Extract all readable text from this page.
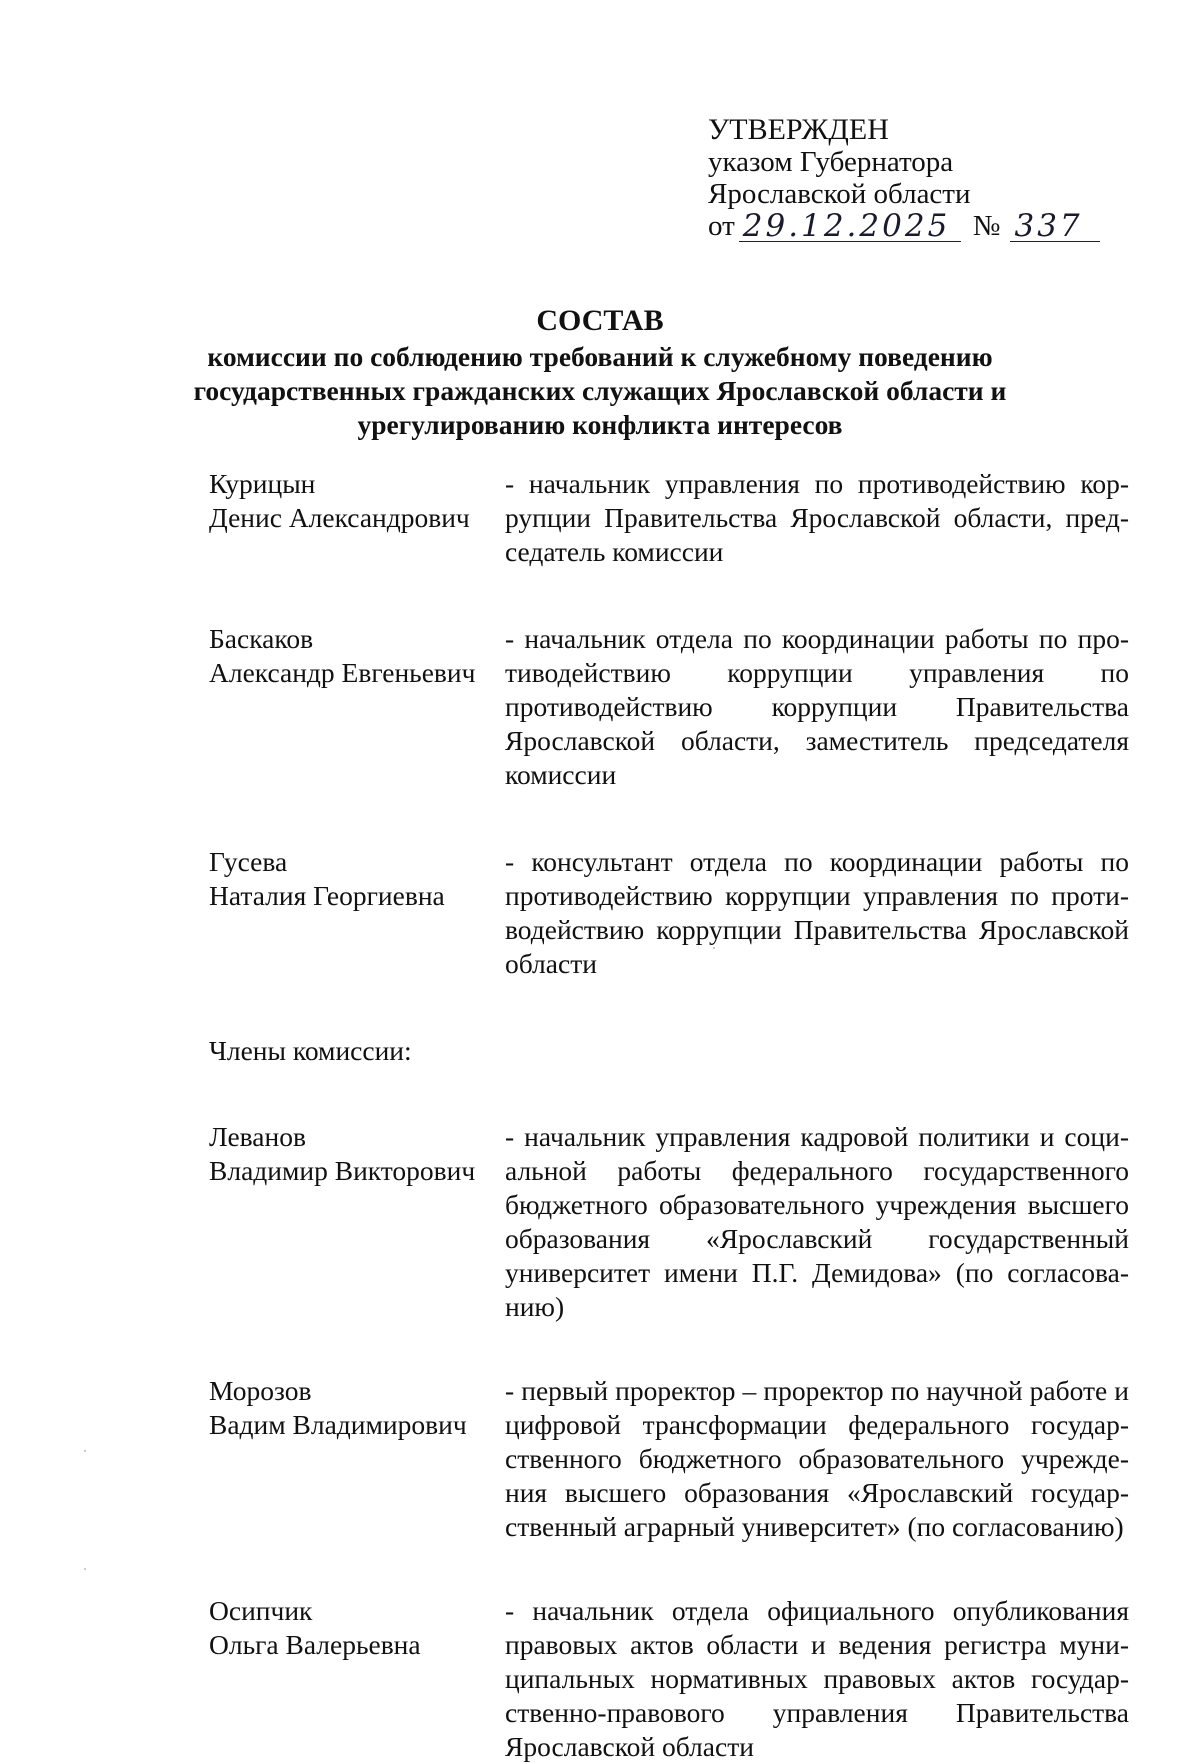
УТВЕРЖДЕН
указом Губернатора
Ярославской области
от 29.12.2025 № 337
СОСТАВ
комиссии по соблюдению требований к служебному поведению
государственных гражданских служащих Ярославской области и
урегулированию конфликта интересов
Курицын
Денис Александрович
- начальник управления по противодействию коррупции Правительства Ярославской области, председатель комиссии
Баскаков
Александр Евгеньевич
- начальник отдела по координации работы по противодействию коррупции управления по противодействию коррупции Правительства Ярославской области, заместитель председателя комиссии
Гусева
Наталия Георгиевна
- консультант отдела по координации работы по противодействию коррупции управления по противодействию коррупции Правительства Ярославской области
Члены комиссии:
Леванов
Владимир Викторович
- начальник управления кадровой политики и социальной работы федерального государственного бюджетного образовательного учреждения высшего образования «Ярославский государственный университет имени П.Г. Демидова» (по согласованию)
Морозов
Вадим Владимирович
- первый проректор – проректор по научной работе и цифровой трансформации федерального государственного бюджетного образовательного учреждения высшего образования «Ярославский государственный аграрный университет» (по согласованию)
Осипчик
Ольга Валерьевна
- начальник отдела официального опубликования правовых актов области и ведения регистра муниципальных нормативных правовых актов государственно-правового управления Правительства Ярославской области
